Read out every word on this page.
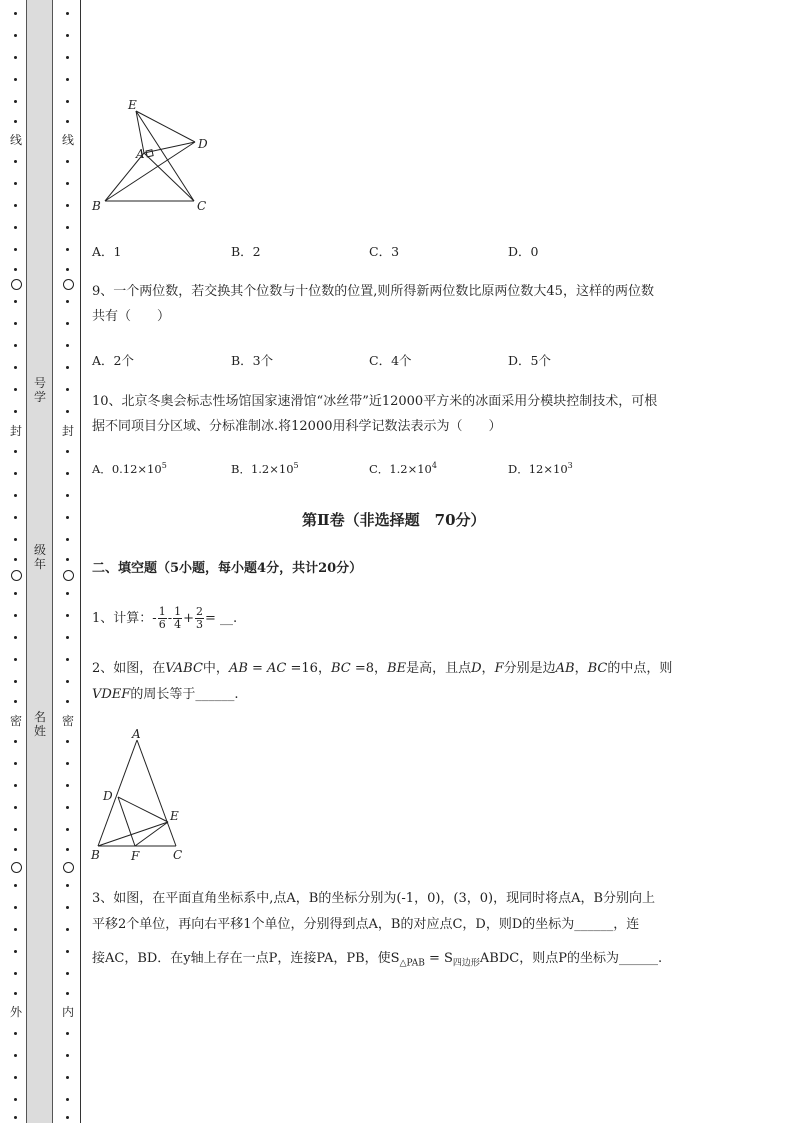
线
封
密
外
号
学
级
年
名
姓
线
封
密
内
E
A
D
B	C
A．1	B．2	C．3	D．0
9、一个两位数，若交换其个位数与十位数的位置,则所得新两位数比原两位数大45，这样的两位数
共有（　　）
A．2个	B．3个	C．4个	D．5个
10、北京冬奥会标志性场馆国家速滑馆“冰丝带”近12000平方米的冰面采用分模块控制技术，可根
据不同项目分区域、分标准制冰.将12000用科学记数法表示为（　　）
A．$0.12\times 10^5$	B．$1.2\times 10^5$	C．$1.2\times 10^4$	D．$12\times 10^3$
第Ⅱ卷（非选择题　70分）
二、填空题（5小题，每小题4分，共计20分）
1、计算：- $\frac{1}{6} - \frac{1}{4} + \frac{2}{3}$ = __.
2、如图，在VABC中，AB = AC =16，BC =8，BE是高，且点D，F分别是边AB，BC的中点，则
VDEF的周长等于______.
A
D
E
B	F	C
3、如图，在平面直角坐标系中,点A，B的坐标分别为(-1，0)，(3，0)，现同时将点A，B分别向上
平移2个单位，再向右平移1个单位，分别得到点A，B的对应点C，D，则D的坐标为______，连
接AC，BD．在y轴上存在一点P，连接PA，PB，使$S_{\triangle PAB}$ = $S_{四边形}ABDC$，则点P的坐标为______.
